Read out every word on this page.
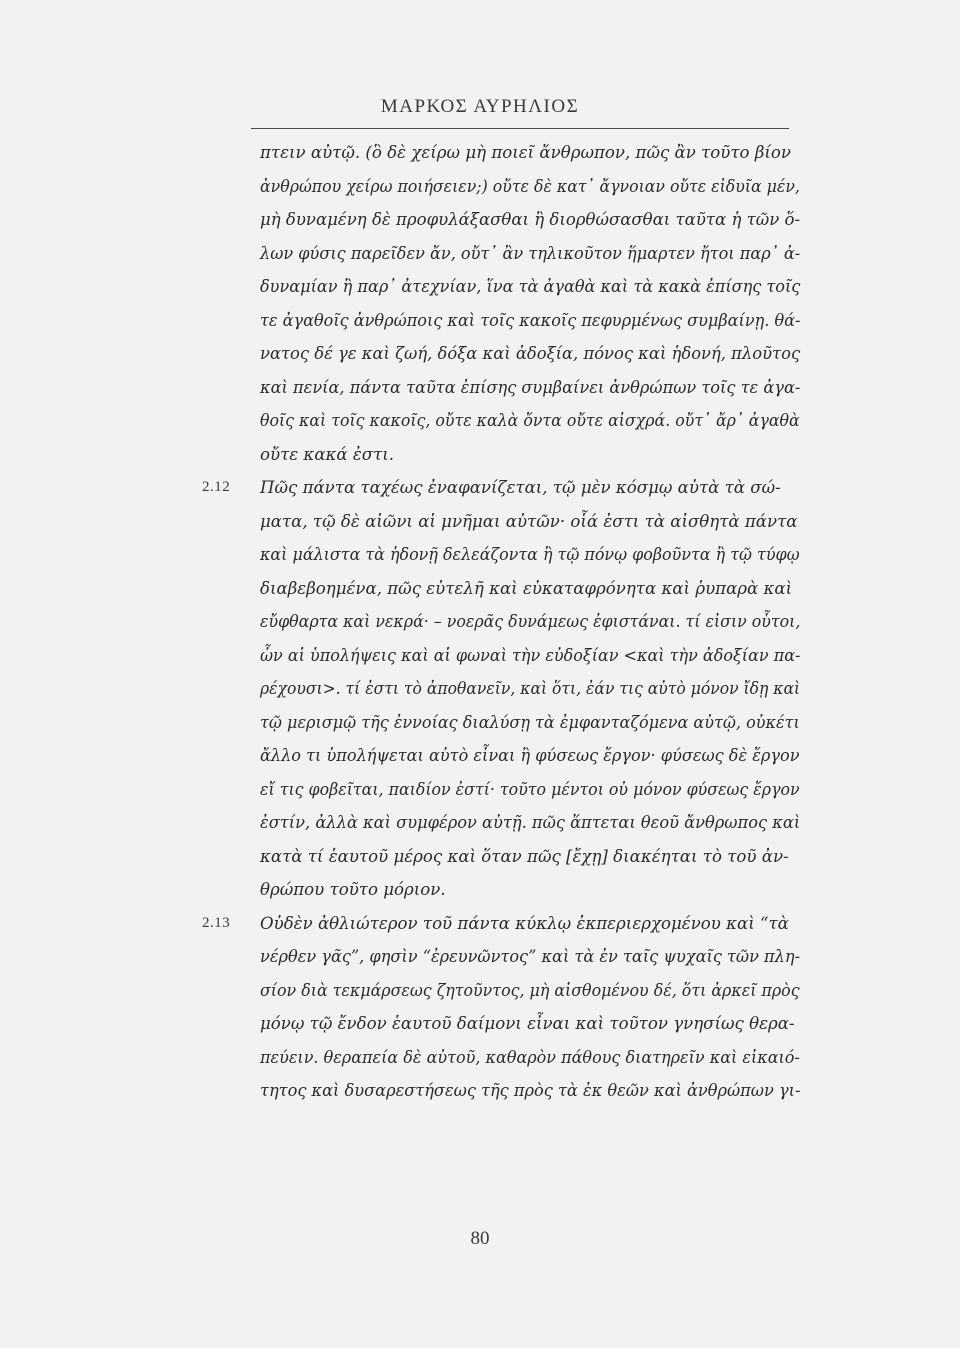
ΜΑΡΚΟΣ ΑΥΡΗΛΙΟΣ
πτειν αὐτῷ. (ὃ δὲ χείρω μὴ ποιεῖ ἄνθρωπον, πῶς ἂν τοῦτο βίον
ἀνθρώπου χείρω ποιήσειεν;) οὔτε δὲ κατ᾽ ἄγνοιαν οὔτε εἰδυῖα μέν,
μὴ δυναμένη δὲ προφυλάξασθαι ἢ διορθώσασθαι ταῦτα ἡ τῶν ὅ-
λων φύσις παρεῖδεν ἄν, οὔτ᾽ ἂν τηλικοῦτον ἥμαρτεν ἤτοι παρ᾽ ἀ-
δυναμίαν ἢ παρ᾽ ἀτεχνίαν, ἵνα τὰ ἀγαθὰ καὶ τὰ κακὰ ἐπίσης τοῖς
τε ἀγαθοῖς ἀνθρώποις καὶ τοῖς κακοῖς πεφυρμένως συμβαίνῃ. θά-
νατος δέ γε καὶ ζωή, δόξα καὶ ἀδοξία, πόνος καὶ ἡδονή, πλοῦτος
καὶ πενία, πάντα ταῦτα ἐπίσης συμβαίνει ἀνθρώπων τοῖς τε ἀγα-
θοῖς καὶ τοῖς κακοῖς, οὔτε καλὰ ὄντα οὔτε αἰσχρά. οὔτ᾽ ἄρ᾽ ἀγαθὰ
οὔτε κακά ἐστι.
2.12 Πῶς πάντα ταχέως ἐναφανίζεται, τῷ μὲν κόσμῳ αὐτὰ τὰ σώ-
ματα, τῷ δὲ αἰῶνι αἱ μνῆμαι αὐτῶν· οἷά ἐστι τὰ αἰσθητὰ πάντα
καὶ μάλιστα τὰ ἡδονῇ δελεάζοντα ἢ τῷ πόνῳ φοβοῦντα ἢ τῷ τύφῳ
διαβεβοημένα, πῶς εὐτελῆ καὶ εὐκαταφρόνητα καὶ ῥυπαρὰ καὶ
εὔφθαρτα καὶ νεκρά· – νοερᾶς δυνάμεως ἐφιστάναι. τί εἰσιν οὗτοι,
ὧν αἱ ὑπολήψεις καὶ αἱ φωναὶ τὴν εὐδοξίαν <καὶ τὴν ἀδοξίαν πα-
ρέχουσι>. τί ἐστι τὸ ἀποθανεῖν, καὶ ὅτι, ἐάν τις αὐτὸ μόνον ἴδῃ καὶ
τῷ μερισμῷ τῆς ἐννοίας διαλύσῃ τὰ ἐμφανταζόμενα αὐτῷ, οὐκέτι
ἄλλο τι ὑπολήψεται αὐτὸ εἶναι ἢ φύσεως ἔργον· φύσεως δὲ ἔργον
εἴ τις φοβεῖται, παιδίον ἐστί· τοῦτο μέντοι οὐ μόνον φύσεως ἔργον
ἐστίν, ἀλλὰ καὶ συμφέρον αὐτῇ. πῶς ἅπτεται θεοῦ ἄνθρωπος καὶ
κατὰ τί ἑαυτοῦ μέρος καὶ ὅταν πῶς [ἔχῃ] διακέηται τὸ τοῦ ἀν-
θρώπου τοῦτο μόριον.
2.13 Οὐδὲν ἀθλιώτερον τοῦ πάντα κύκλῳ ἐκπεριερχομένου καὶ “τὰ
νέρθεν γᾶς”, φησὶν “ἐρευνῶντος” καὶ τὰ ἐν ταῖς ψυχαῖς τῶν πλη-
σίον διὰ τεκμάρσεως ζητοῦντος, μὴ αἰσθομένου δέ, ὅτι ἀρκεῖ πρὸς
μόνῳ τῷ ἔνδον ἑαυτοῦ δαίμονι εἶναι καὶ τοῦτον γνησίως θερα-
πεύειν. θεραπεία δὲ αὐτοῦ, καθαρὸν πάθους διατηρεῖν καὶ εἰκαιό-
τητος καὶ δυσαρεστήσεως τῆς πρὸς τὰ ἐκ θεῶν καὶ ἀνθρώπων γι-
80
